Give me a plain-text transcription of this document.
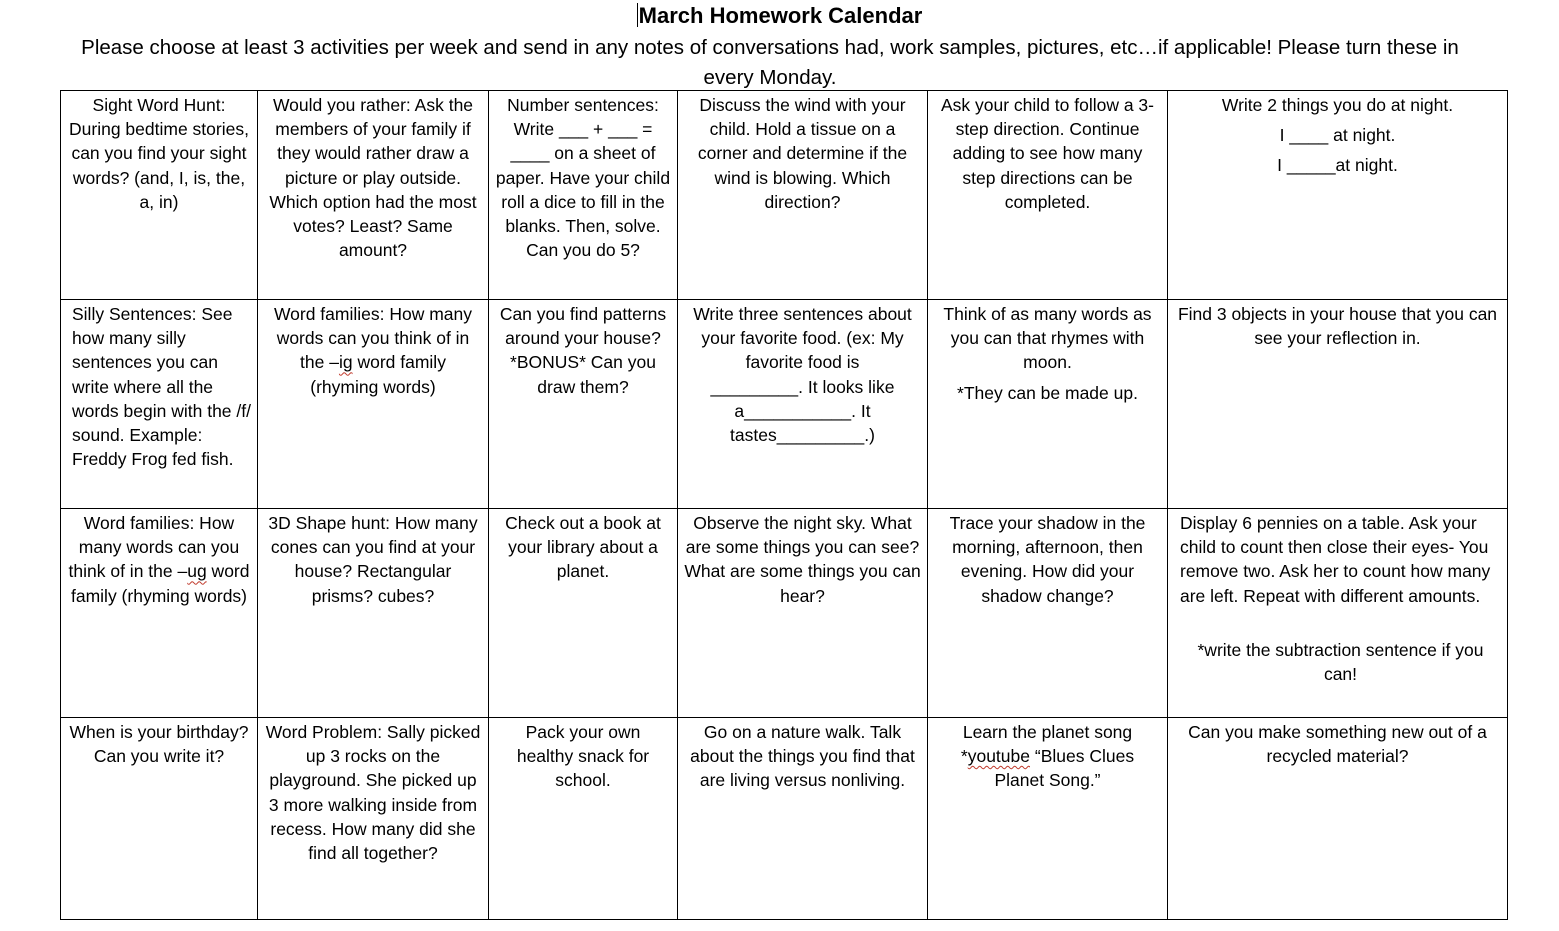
March Homework Calendar
Please choose at least 3 activities per week and send in any notes of conversations had, work samples, pictures, etc…if applicable! Please turn these in every Monday.
Sight Word Hunt: During bedtime stories, can you find your sight words? (and, I, is, the, a, in)	Would you rather: Ask the members of your family if they would rather draw a picture or play outside. Which option had the most votes? Least? Same amount?	Number sentences: Write ___ + ___ = ____ on a sheet of paper. Have your child roll a dice to fill in the blanks. Then, solve. Can you do 5?	Discuss the wind with your child. Hold a tissue on a corner and determine if the wind is blowing. Which direction?	Ask your child to follow a 3-step direction. Continue adding to see how many step directions can be completed.	Write 2 things you do at night.
I ____ at night.
I _____at night.

Silly Sentences: See how many silly sentences you can write where all the words begin with the /f/ sound. Example: Freddy Frog fed fish.	Word families: How many words can you think of in the –ig word family (rhyming words)	Can you find patterns around your house? *BONUS* Can you draw them?	Write three sentences about your favorite food. (ex: My favorite food is
_________. It looks like
a___________. It
tastes_________.)	Think of as many words as you can that rhymes with moon.
*They can be made up.	Find 3 objects in your house that you can see your reflection in.
Word families: How many words can you think of in the –ug word family (rhyming words)	3D Shape hunt: How many cones can you find at your house? Rectangular prisms? cubes?	Check out a book at your library about a planet.	Observe the night sky. What are some things you can see? What are some things you can hear?	Trace your shadow in the morning, afternoon, then evening. How did your shadow change?	Display 6 pennies on a table. Ask your child to count then close their eyes- You remove two. Ask her to count how many are left. Repeat with different amounts.
*write the subtraction sentence if you can!

When is your birthday? Can you write it?	Word Problem: Sally picked up 3 rocks on the playground. She picked up 3 more walking inside from recess. How many did she find all together?	Pack your own healthy snack for school.	Go on a nature walk. Talk about the things you find that are living versus nonliving.	Learn the planet song
*youtube “Blues Clues Planet Song.”	Can you make something new out of a recycled material?
